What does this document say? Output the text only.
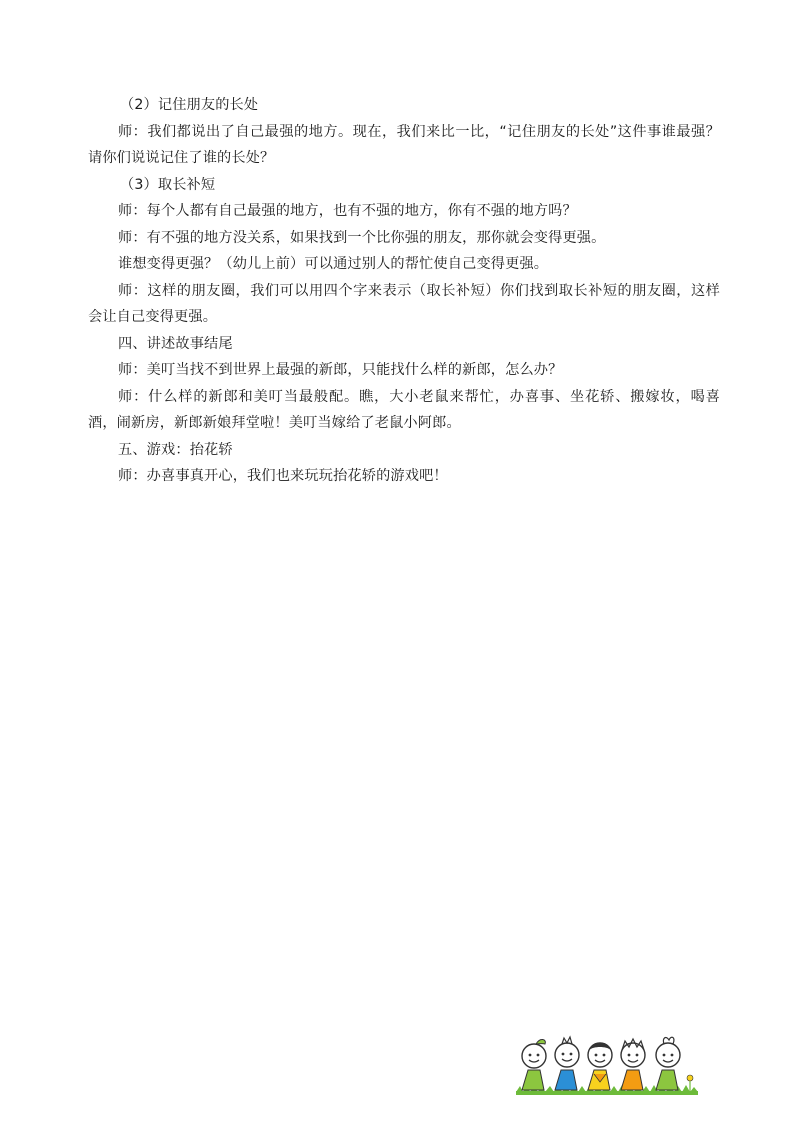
（2）记住朋友的长处

师：我们都说出了自己最强的地方。现在，我们来比一比，“记住朋友的长处”这件事谁最强？请你们说说记住了谁的长处？

（3）取长补短

师：每个人都有自己最强的地方，也有不强的地方，你有不强的地方吗？

师：有不强的地方没关系，如果找到一个比你强的朋友，那你就会变得更强。

谁想变得更强？（幼儿上前）可以通过别人的帮忙使自己变得更强。

师：这样的朋友圈，我们可以用四个字来表示（取长补短）你们找到取长补短的朋友圈，这样会让自己变得更强。

四、讲述故事结尾

师：美叮当找不到世界上最强的新郎，只能找什么样的新郎，怎么办？

师：什么样的新郎和美叮当最般配。瞧，大小老鼠来帮忙，办喜事、坐花轿、搬嫁妆，喝喜酒，闹新房，新郎新娘拜堂啦！美叮当嫁给了老鼠小阿郎。

五、游戏：抬花轿

师：办喜事真开心，我们也来玩玩抬花轿的游戏吧！
